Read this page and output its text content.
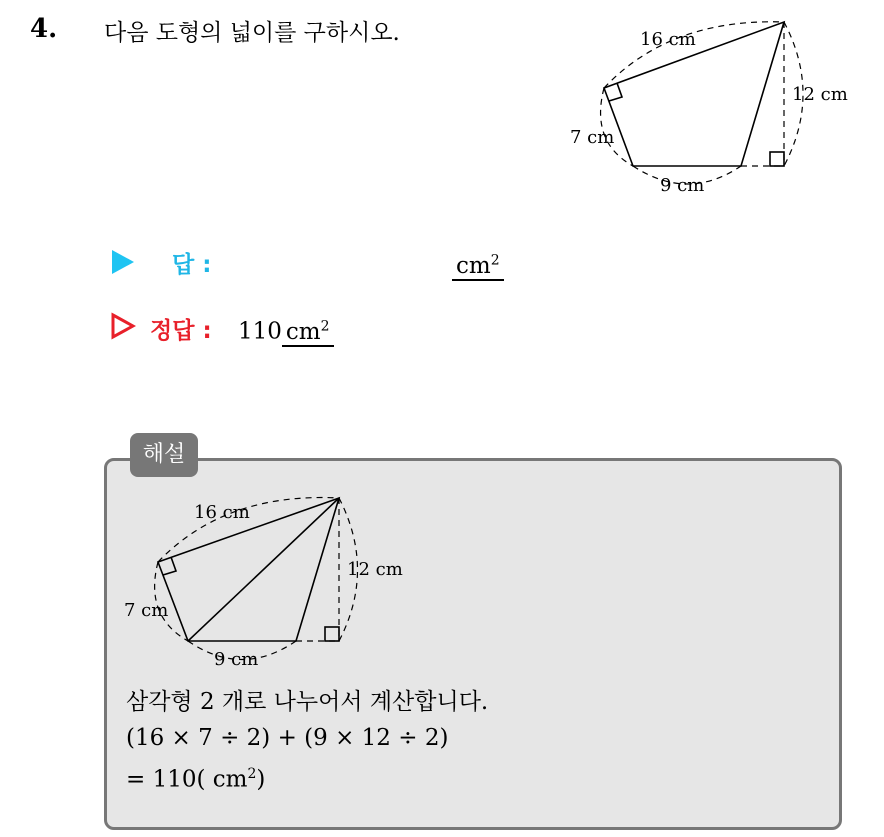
4. 다음 도형의 넓이를 구하시오.	16 cm
12 cm
7 cm
9 cm
답 :	$cm^2$
정답 : 110 $cm^2$
해설
16 cm
12 cm
7 cm
9 cm
삼각형 2 개로 나누어서 계산합니다.
(16 × 7 ÷ 2) + (9 × 12 ÷ 2)
= 110( $cm^2$)
